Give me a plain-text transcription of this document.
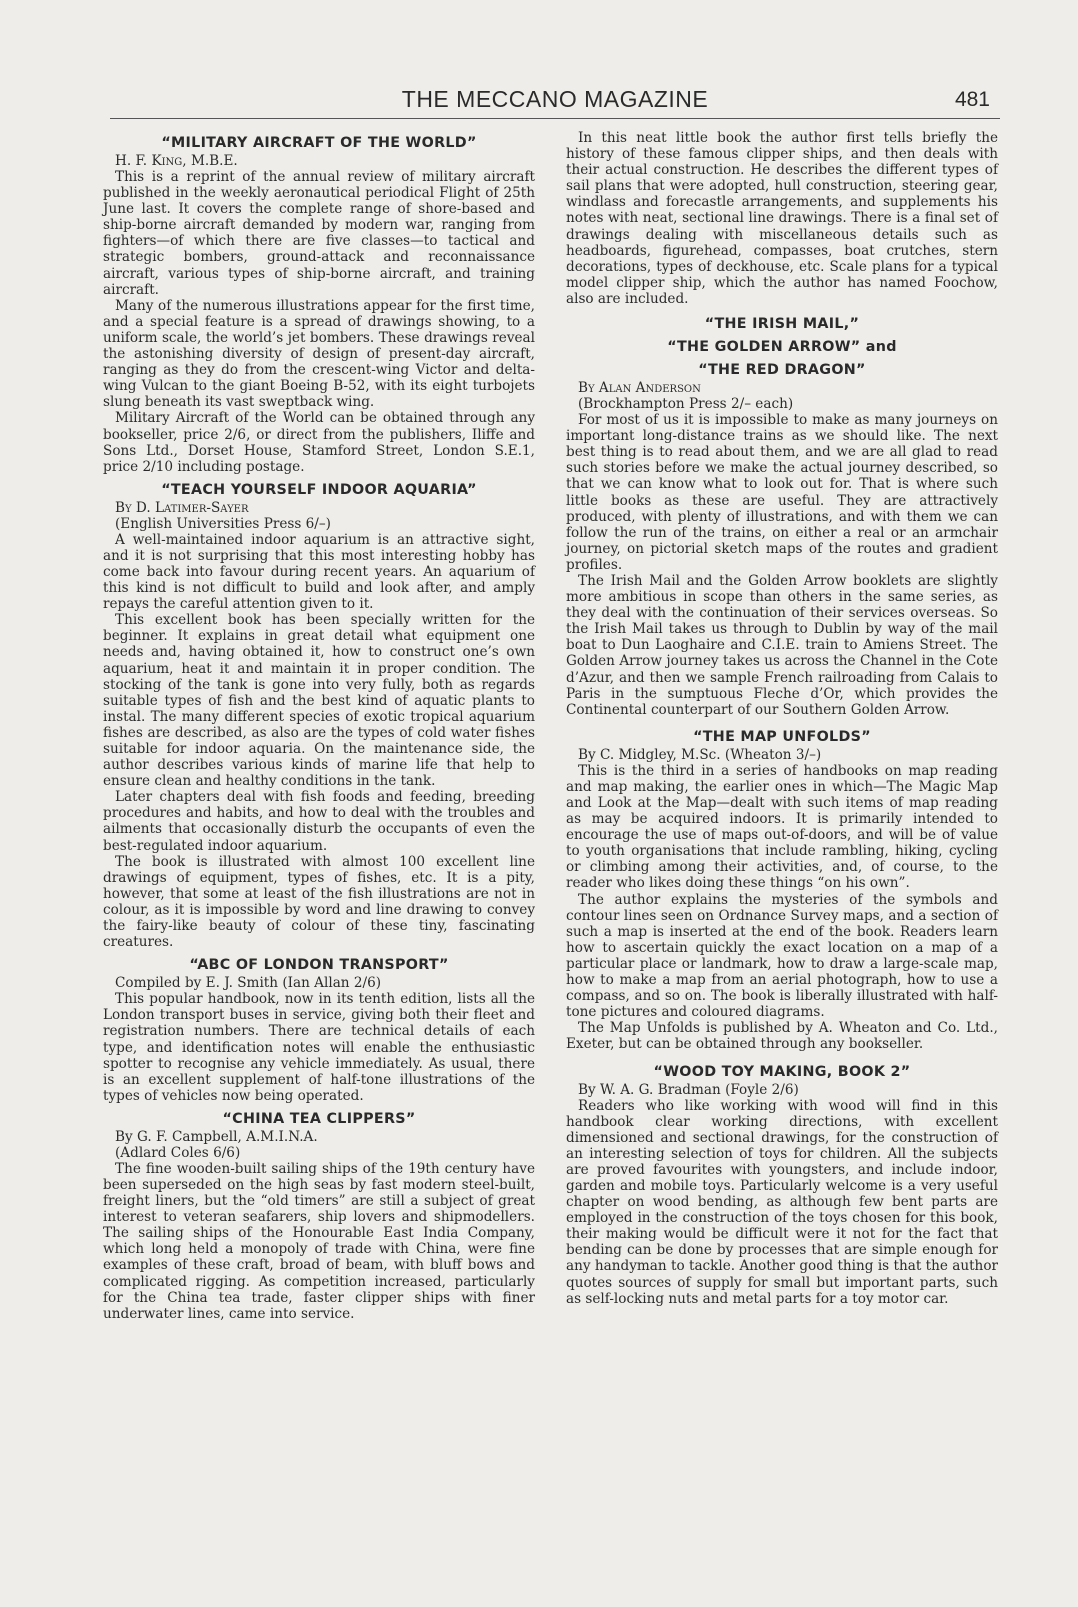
THE MECCANO MAGAZINE	481
“MILITARY AIRCRAFT OF THE WORLD”

H. F. King, M.B.E.

This is a reprint of the annual review of military aircraft published in the weekly aeronautical periodical Flight of 25th June last. It covers the complete range of shore-based and ship-borne aircraft demanded by modern war, ranging from fighters—of which there are five classes—to tactical and strategic bombers, ground-attack and reconnaissance aircraft, various types of ship-borne aircraft, and training aircraft.

Many of the numerous illustrations appear for the first time, and a special feature is a spread of drawings showing, to a uniform scale, the world’s jet bombers. These drawings reveal the astonishing diversity of design of present-day aircraft, ranging as they do from the crescent-wing Victor and delta-wing Vulcan to the giant Boeing B-52, with its eight turbojets slung beneath its vast sweptback wing.

Military Aircraft of the World can be obtained through any bookseller, price 2/6, or direct from the publishers, Iliffe and Sons Ltd., Dorset House, Stamford Street, London S.E.1, price 2/10 including postage.

“TEACH YOURSELF INDOOR AQUARIA”

By D. Latimer-Sayer

(English Universities Press 6/–)

A well-maintained indoor aquarium is an attractive sight, and it is not surprising that this most interesting hobby has come back into favour during recent years. An aquarium of this kind is not difficult to build and look after, and amply repays the careful attention given to it.

This excellent book has been specially written for the beginner. It explains in great detail what equipment one needs and, having obtained it, how to construct one’s own aquarium, heat it and maintain it in proper condition. The stocking of the tank is gone into very fully, both as regards suitable types of fish and the best kind of aquatic plants to instal. The many different species of exotic tropical aquarium fishes are described, as also are the types of cold water fishes suitable for indoor aquaria. On the maintenance side, the author describes various kinds of marine life that help to ensure clean and healthy conditions in the tank.

Later chapters deal with fish foods and feeding, breeding procedures and habits, and how to deal with the troubles and ailments that occasionally disturb the occupants of even the best-regulated indoor aquarium.

The book is illustrated with almost 100 excellent line drawings of equipment, types of fishes, etc. It is a pity, however, that some at least of the fish illustrations are not in colour, as it is impossible by word and line drawing to convey the fairy-like beauty of colour of these tiny, fascinating creatures.

“ABC OF LONDON TRANSPORT”

Compiled by E. J. Smith (Ian Allan 2/6)

This popular handbook, now in its tenth edition, lists all the London transport buses in service, giving both their fleet and registration numbers. There are technical details of each type, and identification notes will enable the enthusiastic spotter to recognise any vehicle immediately. As usual, there is an excellent supplement of half-tone illustrations of the types of vehicles now being operated.

“CHINA TEA CLIPPERS”

By G. F. Campbell, A.M.I.N.A.

(Adlard Coles 6/6)

The fine wooden-built sailing ships of the 19th century have been superseded on the high seas by fast modern steel-built, freight liners, but the “old timers” are still a subject of great interest to veteran seafarers, ship lovers and shipmodellers. The sailing ships of the Honourable East India Company, which long held a monopoly of trade with China, were fine examples of these craft, broad of beam, with bluff bows and complicated rigging. As competition increased, particularly for the China tea trade, faster clipper ships with finer underwater lines, came into service.

In this neat little book the author first tells briefly the history of these famous clipper ships, and then deals with their actual construction. He describes the different types of sail plans that were adopted, hull construction, steering gear, windlass and forecastle arrangements, and supplements his notes with neat, sectional line drawings. There is a final set of drawings dealing with miscellaneous details such as headboards, figurehead, compasses, boat crutches, stern decorations, types of deckhouse, etc. Scale plans for a typical model clipper ship, which the author has named Foochow, also are included.

“THE IRISH MAIL,”
“THE GOLDEN ARROW” and
“THE RED DRAGON”

By Alan Anderson

(Brockhampton Press 2/– each)

For most of us it is impossible to make as many journeys on important long-distance trains as we should like. The next best thing is to read about them, and we are all glad to read such stories before we make the actual journey described, so that we can know what to look out for. That is where such little books as these are useful. They are attractively produced, with plenty of illustrations, and with them we can follow the run of the trains, on either a real or an armchair journey, on pictorial sketch maps of the routes and gradient profiles.

The Irish Mail and the Golden Arrow booklets are slightly more ambitious in scope than others in the same series, as they deal with the continuation of their services overseas. So the Irish Mail takes us through to Dublin by way of the mail boat to Dun Laoghaire and C.I.E. train to Amiens Street. The Golden Arrow journey takes us across the Channel in the Cote d’Azur, and then we sample French railroading from Calais to Paris in the sumptuous Fleche d’Or, which provides the Continental counterpart of our Southern Golden Arrow.

“THE MAP UNFOLDS”

By C. Midgley, M.Sc. (Wheaton 3/–)

This is the third in a series of handbooks on map reading and map making, the earlier ones in which—The Magic Map and Look at the Map—dealt with such items of map reading as may be acquired indoors. It is primarily intended to encourage the use of maps out-of-doors, and will be of value to youth organisations that include rambling, hiking, cycling or climbing among their activities, and, of course, to the reader who likes doing these things “on his own”.

The author explains the mysteries of the symbols and contour lines seen on Ordnance Survey maps, and a section of such a map is inserted at the end of the book. Readers learn how to ascertain quickly the exact location on a map of a particular place or landmark, how to draw a large-scale map, how to make a map from an aerial photograph, how to use a compass, and so on. The book is liberally illustrated with half-tone pictures and coloured diagrams.

The Map Unfolds is published by A. Wheaton and Co. Ltd., Exeter, but can be obtained through any bookseller.

“WOOD TOY MAKING, BOOK 2”

By W. A. G. Bradman (Foyle 2/6)

Readers who like working with wood will find in this handbook clear working directions, with excellent dimensioned and sectional drawings, for the construction of an interesting selection of toys for children. All the subjects are proved favourites with youngsters, and include indoor, garden and mobile toys. Particularly welcome is a very useful chapter on wood bending, as although few bent parts are employed in the construction of the toys chosen for this book, their making would be difficult were it not for the fact that bending can be done by processes that are simple enough for any handyman to tackle. Another good thing is that the author quotes sources of supply for small but important parts, such as self-locking nuts and metal parts for a toy motor car.
